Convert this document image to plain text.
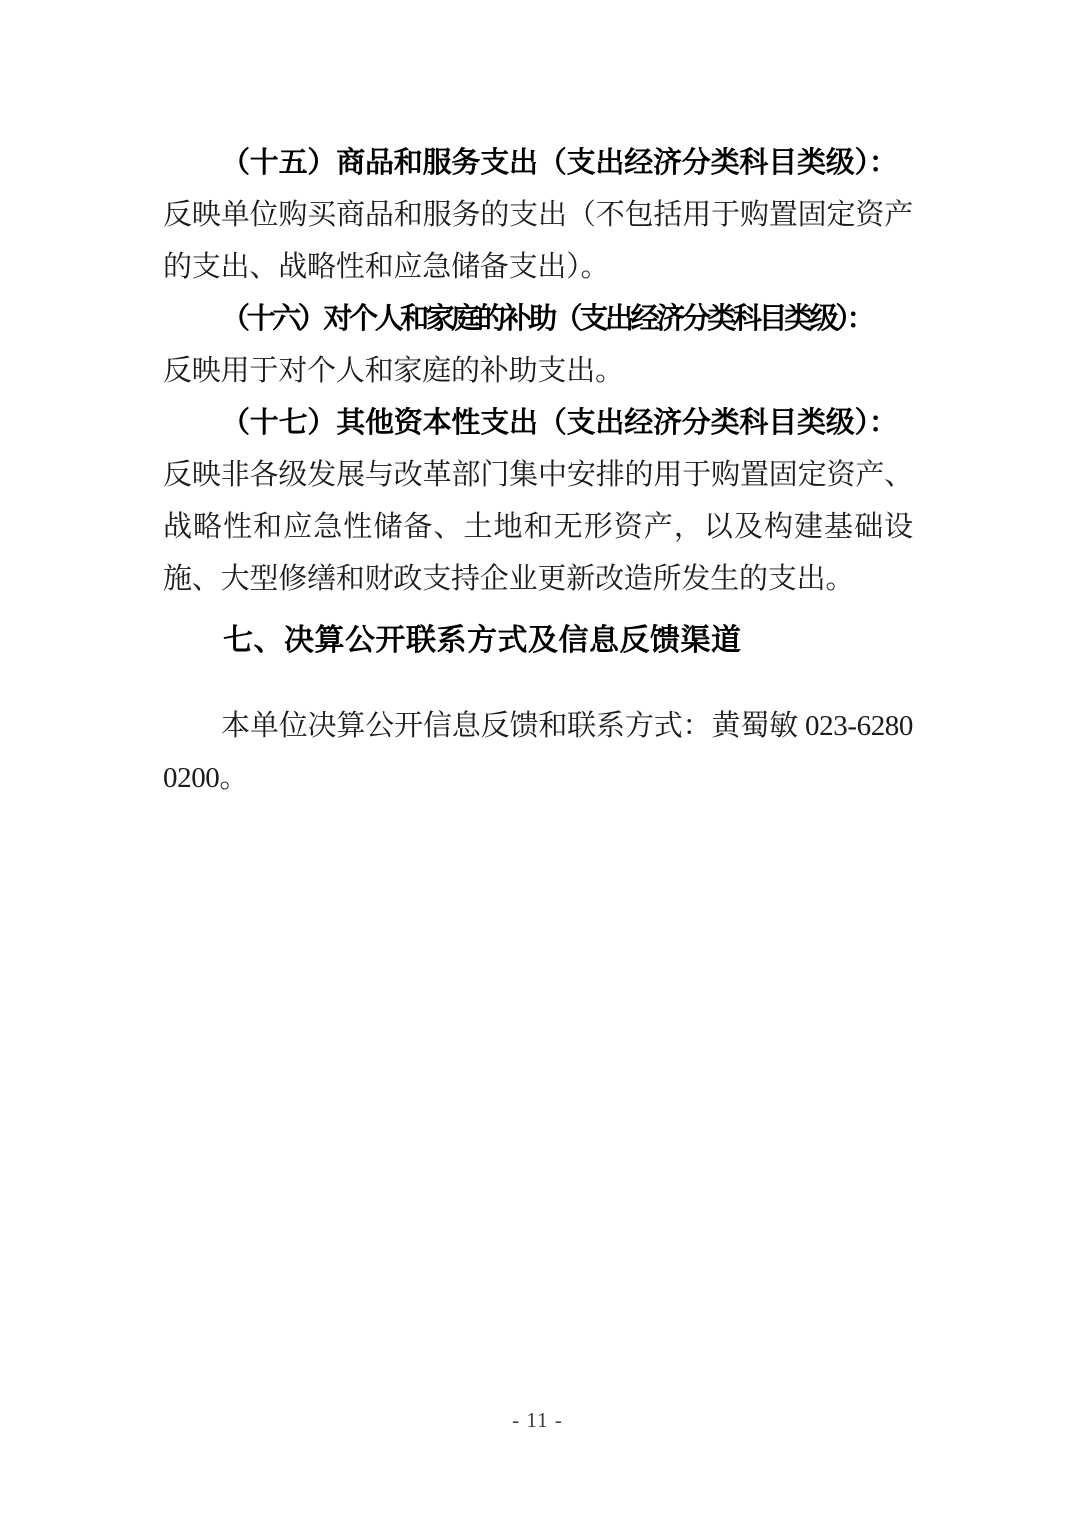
（十五）商品和服务支出（支出经济分类科目类级）：

反映单位购买商品和服务的支出（不包括用于购置固定资产的支出、战略性和应急储备支出）。

（十六）对个人和家庭的补助（支出经济分类科目类级）：

反映用于对个人和家庭的补助支出。

（十七）其他资本性支出（支出经济分类科目类级）：

反映非各级发展与改革部门集中安排的用于购置固定资产、战略性和应急性储备、土地和无形资产，以及构建基础设施、大型修缮和财政支持企业更新改造所发生的支出。

七、决算公开联系方式及信息反馈渠道

本单位决算公开信息反馈和联系方式：黄蜀敏 023-62800200。

- 11 -
